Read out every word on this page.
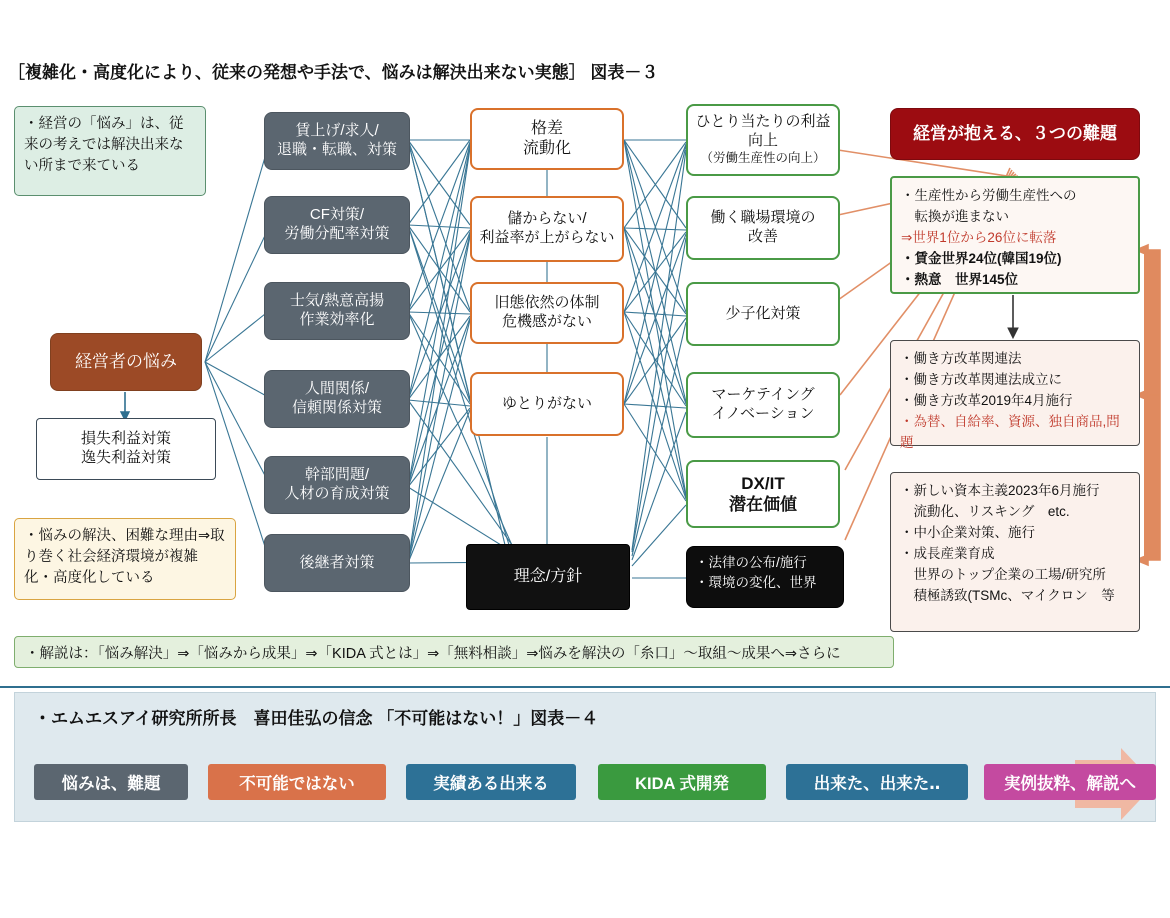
［複雑化・高度化により、従来の発想や手法で、悩みは解決出来ない実態］ 図表－３
・経営の「悩み」は、従来の考えでは解決出来ない所まで来ている
・悩みの解決、困難な理由⇒取り巻く社会経済環境が複雑化・高度化している
経営者の悩み
損失利益対策
逸失利益対策
賃上げ/求人/
退職・転職、対策
CF対策/
労働分配率対策
士気/熱意高揚
作業効率化
人間関係/
信頼関係対策
幹部問題/
人材の育成対策
後継者対策
格差
流動化
儲からない/
利益率が上がらない
旧態依然の体制
危機感がない
ゆとりがない
理念/方針
ひとり当たりの利益
向上
（労働生産性の向上）
働く職場環境の
改善
少子化対策
マーケテイング
イノベーション
DX/IT
潜在価値
・法律の公布/施行
・環境の変化、世界
経営が抱える、３つの難題
・生産性から労働生産性への
　転換が進まない
⇒世界1位から26位に転落
・賃金世界24位(韓国19位)
・熱意　世界145位
・働き方改革関連法
・働き方改革関連法成立に
・働き方改革2019年4月施行
・為替、自給率、資源、独自商品,問題
・新しい資本主義2023年6月施行
　流動化、リスキング　etc.
・中小企業対策、施行
・成長産業育成
　世界のトップ企業の工場/研究所
　積極誘致(TSMc、マイクロン　等
・解説は：「悩み解決」⇒「悩みから成果」⇒「KIDA 式とは」⇒「無料相談」⇒悩みを解決の「糸口」～取組～成果へ⇒さらに
・エムエスアイ研究所所長　喜田佳弘の信念 「不可能はない！」図表－４
悩みは、難題	不可能ではない	実績ある出来る	KIDA 式開発	出来た、出来た‥	実例抜粋、解説へ
